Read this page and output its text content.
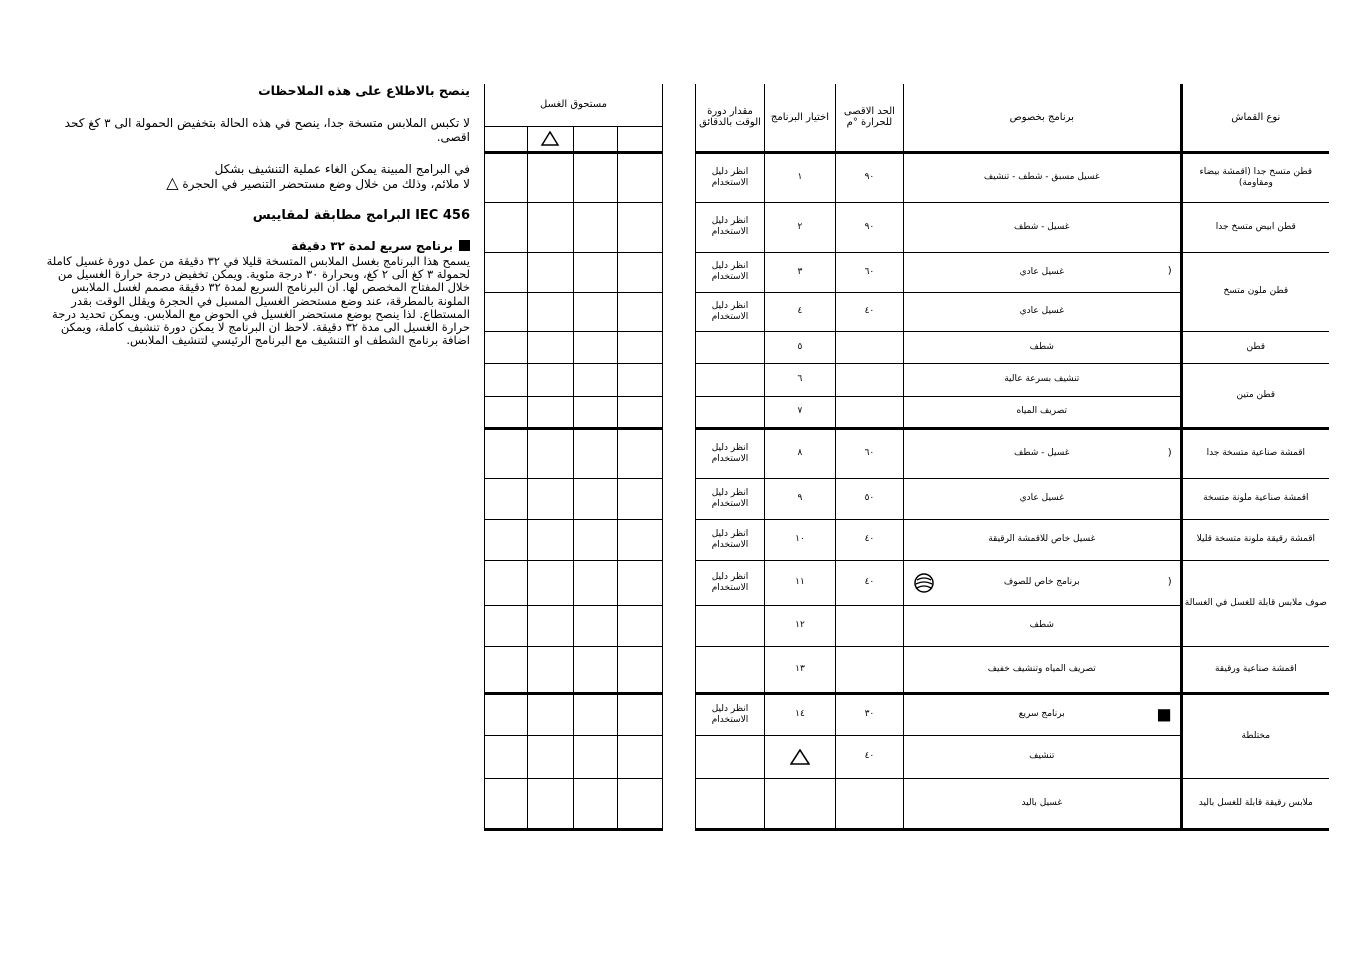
ينصح بالاطلاع على هذه الملاحظات

لا تكبس الملابس متسخة جدا، ينصح في هذه الحالة بتخفيض الحمولة الى ٣ كغ كحد اقصى.

في البرامج المبينة يمكن الغاء عملية التنشيف بشكل

لا ملائم، وذلك من خلال وضع مستحضر التنصير في الحجرة △

IEC 456 البرامج مطابقة لمقاييس

برنامج سريع لمدة ٣٢ دقيقة

يسمح هذا البرنامج بغسل الملابس المتسخة قليلا في ٣٢ دقيقة من عمل دورة غسيل كاملة لحمولة ٣ كغ الى ٢ كغ، وبحرارة ٣٠ درجة مئوية. ويمكن تخفيض درجة حرارة الغسيل من خلال المفتاح المخصص لها. ان البرنامج السريع لمدة ٣٢ دقيقة مصمم لغسل الملابس الملونة بالمطرقة، عند وضع مستحضر الغسيل المسيل في الحجرة ويقلل الوقت بقدر المستطاع. لذا ينصح بوضع مستحضر الغسيل في الحوض مع الملابس. ويمكن تحديد درجة حرارة الغسيل الى مدة ٣٢ دقيقة. لاحظ ان البرنامج لا يمكن دورة تنشيف كاملة، ويمكن اضافة برنامج الشطف او التنشيف مع البرنامج الرئيسي لتنشيف الملابس.

مستحوق الغسل			

نوع القماش	برنامج بخصوص	الحد الاقصى للحرارة °م	اختيار البرنامج	مقدار دورة الوقت بالدقائق
قطن متسخ جدا (اقمشة بيضاء ومقاومة)	غسيل مسبق - شطف - تنشيف	٩٠	١	انظر دليل الاستخدام
قطن ابيض متسخ جدا	غسيل - شطف	٩٠	٢	انظر دليل الاستخدام
قطن ملون متسخ	غسيل عادي (	٦٠	٣	انظر دليل الاستخدام
	غسيل عادي	٤٠	٤	انظر دليل الاستخدام
قطن	شطف		٥	
قطن متين	تنشيف بسرعة عالية		٦	
	تصريف المياه		٧	
اقمشة صناعية متسخة جدا	غسيل - شطف (	٦٠	٨	انظر دليل الاستخدام
اقمشة صناعية ملونة متسخة	غسيل عادي	٥٠	٩	انظر دليل الاستخدام
اقمشة رقيقة ملونة متسخة قليلا	غسيل خاص للاقمشة الرقيقة	٤٠	١٠	انظر دليل الاستخدام
صوف ملابس قابلة للغسل في الغسالة	برنامج خاص للصوف (	٤٠	١١	انظر دليل الاستخدام
	شطف		١٢	
اقمشة صناعية ورقيقة	تصريف المياه وتنشيف خفيف		١٣	
مختلطة	برنامج سريع ■	٣٠	١٤	انظر دليل الاستخدام
	تنشيف	٤٠		
ملابس رقيقة قابلة للغسل باليد	غسيل باليد			
